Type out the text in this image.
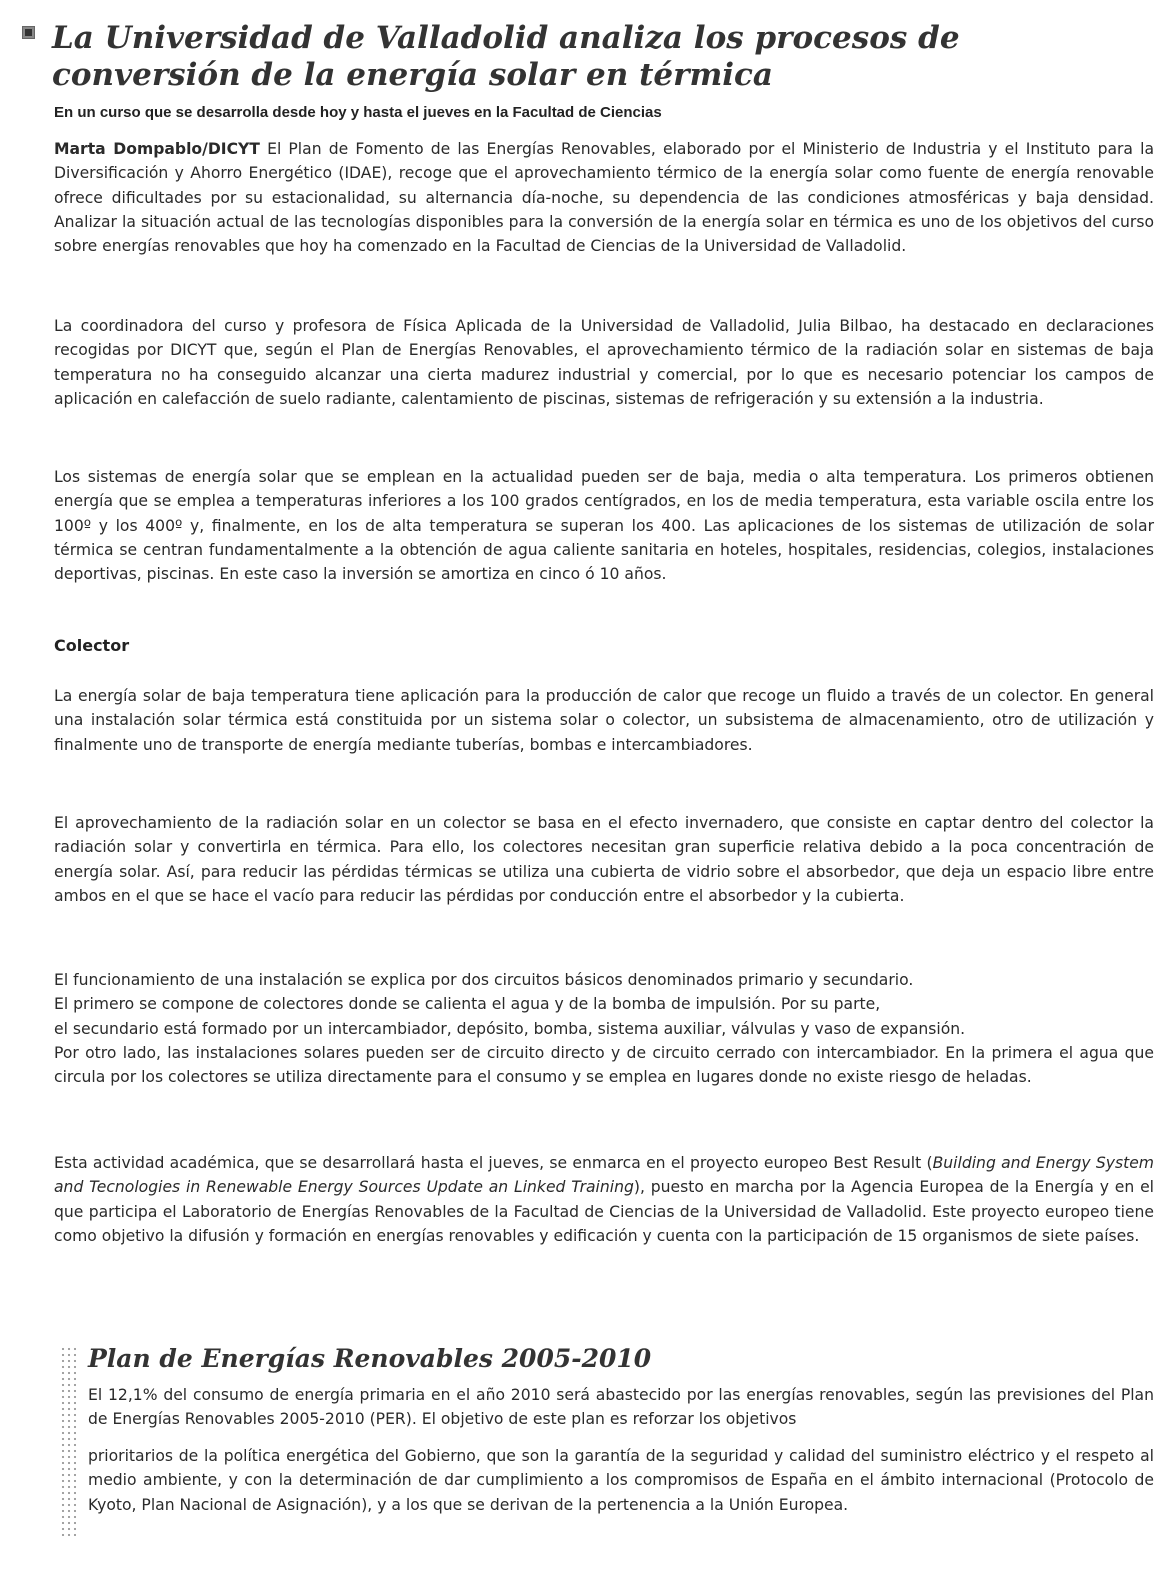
La Universidad de Valladolid analiza los procesos de conversión de la energía solar en térmica
En un curso que se desarrolla desde hoy y hasta el jueves en la Facultad de Ciencias

Marta Dompablo/DICYT El Plan de Fomento de las Energías Renovables, elaborado por el Ministerio de Industria y el Instituto para la Diversificación y Ahorro Energético (IDAE), recoge que el aprovechamiento térmico de la energía solar como fuente de energía renovable ofrece dificultades por su estacionalidad, su alternancia día-noche, su dependencia de las condiciones atmosféricas y baja densidad. Analizar la situación actual de las tecnologías disponibles para la conversión de la energía solar en térmica es uno de los objetivos del curso sobre energías renovables que hoy ha comenzado en la Facultad de Ciencias de la Universidad de Valladolid.

La coordinadora del curso y profesora de Física Aplicada de la Universidad de Valladolid, Julia Bilbao, ha destacado en declaraciones recogidas por DICYT que, según el Plan de Energías Renovables, el aprovechamiento térmico de la radiación solar en sistemas de baja temperatura no ha conseguido alcanzar una cierta madurez industrial y comercial, por lo que es necesario potenciar los campos de aplicación en calefacción de suelo radiante, calentamiento de piscinas, sistemas de refrigeración y su extensión a la industria.

Los sistemas de energía solar que se emplean en la actualidad pueden ser de baja, media o alta temperatura. Los primeros obtienen energía que se emplea a temperaturas inferiores a los 100 grados centígrados, en los de media temperatura, esta variable oscila entre los 100º y los 400º y, finalmente, en los de alta temperatura se superan los 400. Las aplicaciones de los sistemas de utilización de solar térmica se centran fundamentalmente a la obtención de agua caliente sanitaria en hoteles, hospitales, residencias, colegios, instalaciones deportivas, piscinas. En este caso la inversión se amortiza en cinco ó 10 años.

Colector

La energía solar de baja temperatura tiene aplicación para la producción de calor que recoge un fluido a través de un colector. En general una instalación solar térmica está constituida por un sistema solar o colector, un subsistema de almacenamiento, otro de utilización y finalmente uno de transporte de energía mediante tuberías, bombas e intercambiadores.

El aprovechamiento de la radiación solar en un colector se basa en el efecto invernadero, que consiste en captar dentro del colector la radiación solar y convertirla en térmica. Para ello, los colectores necesitan gran superficie relativa debido a la poca concentración de energía solar. Así, para reducir las pérdidas térmicas se utiliza una cubierta de vidrio sobre el absorbedor, que deja un espacio libre entre ambos en el que se hace el vacío para reducir las pérdidas por conducción entre el absorbedor y la cubierta.

El funcionamiento de una instalación se explica por dos circuitos básicos denominados primario y secundario.

El primero se compone de colectores donde se calienta el agua y de la bomba de impulsión. Por su parte,

el secundario está formado por un intercambiador, depósito, bomba, sistema auxiliar, válvulas y vaso de expansión.

Por otro lado, las instalaciones solares pueden ser de circuito directo y de circuito cerrado con intercambiador. En la primera el agua que circula por los colectores se utiliza directamente para el consumo y se emplea en lugares donde no existe riesgo de heladas.

Esta actividad académica, que se desarrollará hasta el jueves, se enmarca en el proyecto europeo Best Result (Building and Energy System and Tecnologies in Renewable Energy Sources Update an Linked Training), puesto en marcha por la Agencia Europea de la Energía y en el que participa el Laboratorio de Energías Renovables de la Facultad de Ciencias de la Universidad de Valladolid. Este proyecto europeo tiene como objetivo la difusión y formación en energías renovables y edificación y cuenta con la participación de 15 organismos de siete países.

Plan de Energías Renovables 2005-2010

El 12,1% del consumo de energía primaria en el año 2010 será abastecido por las energías renovables, según las previsiones del Plan de Energías Renovables 2005-2010 (PER). El objetivo de este plan es reforzar los objetivos

prioritarios de la política energética del Gobierno, que son la garantía de la seguridad y calidad del suministro eléctrico y el respeto al medio ambiente, y con la determinación de dar cumplimiento a los compromisos de España en el ámbito internacional (Protocolo de Kyoto, Plan Nacional de Asignación), y a los que se derivan de la pertenencia a la Unión Europea.
